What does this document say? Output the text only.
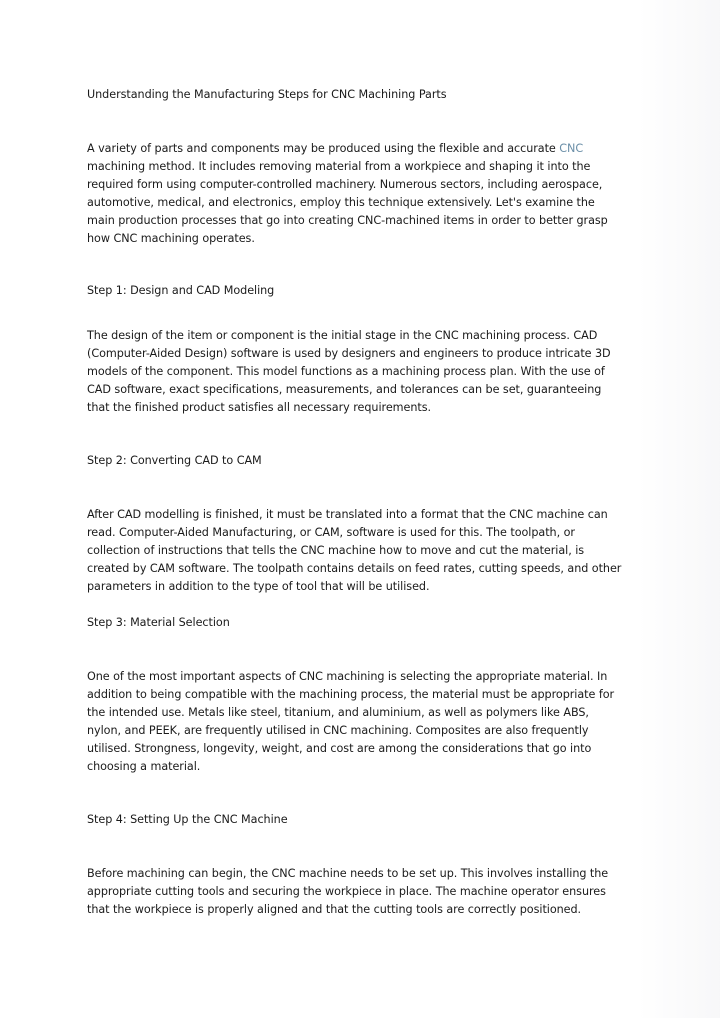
Understanding the Manufacturing Steps for CNC Machining Parts
A variety of parts and components may be produced using the flexible and accurate CNC
machining method. It includes removing material from a workpiece and shaping it into the
required form using computer-controlled machinery. Numerous sectors, including aerospace,
automotive, medical, and electronics, employ this technique extensively. Let's examine the
main production processes that go into creating CNC-machined items in order to better grasp
how CNC machining operates.
Step 1: Design and CAD Modeling
The design of the item or component is the initial stage in the CNC machining process. CAD
(Computer-Aided Design) software is used by designers and engineers to produce intricate 3D
models of the component. This model functions as a machining process plan. With the use of
CAD software, exact specifications, measurements, and tolerances can be set, guaranteeing
that the finished product satisfies all necessary requirements.
Step 2: Converting CAD to CAM
After CAD modelling is finished, it must be translated into a format that the CNC machine can
read. Computer-Aided Manufacturing, or CAM, software is used for this. The toolpath, or
collection of instructions that tells the CNC machine how to move and cut the material, is
created by CAM software. The toolpath contains details on feed rates, cutting speeds, and other
parameters in addition to the type of tool that will be utilised.
Step 3: Material Selection
One of the most important aspects of CNC machining is selecting the appropriate material. In
addition to being compatible with the machining process, the material must be appropriate for
the intended use. Metals like steel, titanium, and aluminium, as well as polymers like ABS,
nylon, and PEEK, are frequently utilised in CNC machining. Composites are also frequently
utilised. Strongness, longevity, weight, and cost are among the considerations that go into
choosing a material.
Step 4: Setting Up the CNC Machine
Before machining can begin, the CNC machine needs to be set up. This involves installing the
appropriate cutting tools and securing the workpiece in place. The machine operator ensures
that the workpiece is properly aligned and that the cutting tools are correctly positioned.
